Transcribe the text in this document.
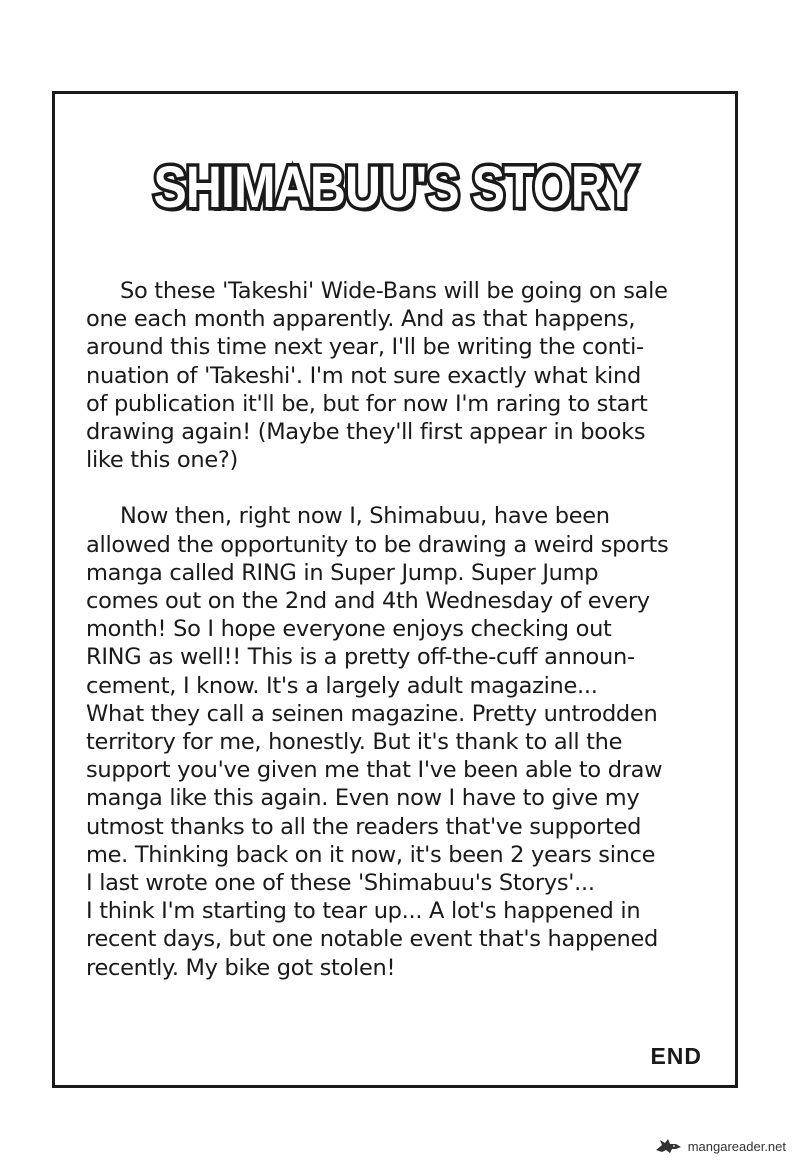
SHIMABUU'S STORY

So these 'Takeshi' Wide-Bans will be going on sale
one each month apparently. And as that happens,
around this time next year, I'll be writing the conti-
nuation of 'Takeshi'. I'm not sure exactly what kind
of publication it'll be, but for now I'm raring to start
drawing again! (Maybe they'll first appear in books
like this one?)

Now then, right now I, Shimabuu, have been
allowed the opportunity to be drawing a weird sports
manga called RING in Super Jump. Super Jump
comes out on the 2nd and 4th Wednesday of every
month! So I hope everyone enjoys checking out
RING as well!! This is a pretty off-the-cuff announ-
cement, I know. It's a largely adult magazine...
What they call a seinen magazine. Pretty untrodden
territory for me, honestly. But it's thank to all the
support you've given me that I've been able to draw
manga like this again. Even now I have to give my
utmost thanks to all the readers that've supported
me. Thinking back on it now, it's been 2 years since
I last wrote one of these 'Shimabuu's Storys'...
I think I'm starting to tear up... A lot's happened in
recent days, but one notable event that's happened
recently. My bike got stolen!

END
mangareader.net
